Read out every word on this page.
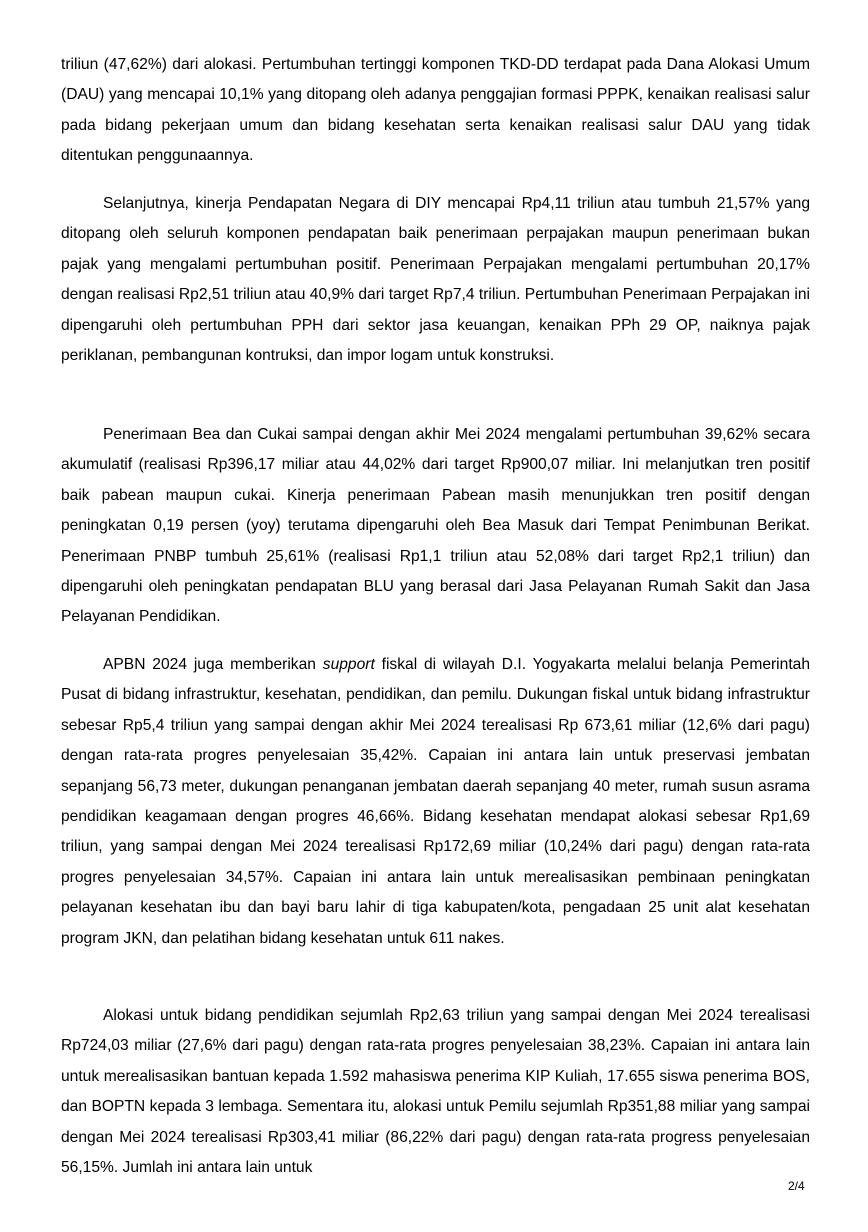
triliun (47,62%) dari alokasi. Pertumbuhan tertinggi komponen TKD-DD terdapat pada Dana Alokasi Umum (DAU) yang mencapai 10,1% yang ditopang oleh adanya penggajian formasi PPPK, kenaikan realisasi salur pada bidang pekerjaan umum dan bidang kesehatan serta kenaikan realisasi salur DAU yang tidak ditentukan penggunaannya.

Selanjutnya, kinerja Pendapatan Negara di DIY mencapai Rp4,11 triliun atau tumbuh 21,57% yang ditopang oleh seluruh komponen pendapatan baik penerimaan perpajakan maupun penerimaan bukan pajak yang mengalami pertumbuhan positif. Penerimaan Perpajakan mengalami pertumbuhan 20,17% dengan realisasi Rp2,51 triliun atau 40,9% dari target Rp7,4 triliun. Pertumbuhan Penerimaan Perpajakan ini dipengaruhi oleh pertumbuhan PPH dari sektor jasa keuangan, kenaikan PPh 29 OP, naiknya pajak periklanan, pembangunan kontruksi, dan impor logam untuk konstruksi.

Penerimaan Bea dan Cukai sampai dengan akhir Mei 2024 mengalami pertumbuhan 39,62% secara akumulatif (realisasi Rp396,17 miliar atau 44,02% dari target Rp900,07 miliar. Ini melanjutkan tren positif baik pabean maupun cukai. Kinerja penerimaan Pabean masih menunjukkan tren positif dengan peningkatan 0,19 persen (yoy) terutama dipengaruhi oleh Bea Masuk dari Tempat Penimbunan Berikat. Penerimaan PNBP tumbuh 25,61% (realisasi Rp1,1 triliun atau 52,08% dari target Rp2,1 triliun) dan dipengaruhi oleh peningkatan pendapatan BLU yang berasal dari Jasa Pelayanan Rumah Sakit dan Jasa Pelayanan Pendidikan.

APBN 2024 juga memberikan support fiskal di wilayah D.I. Yogyakarta melalui belanja Pemerintah Pusat di bidang infrastruktur, kesehatan, pendidikan, dan pemilu. Dukungan fiskal untuk bidang infrastruktur sebesar Rp5,4 triliun yang sampai dengan akhir Mei 2024 terealisasi Rp 673,61 miliar (12,6% dari pagu) dengan rata-rata progres penyelesaian 35,42%. Capaian ini antara lain untuk preservasi jembatan sepanjang 56,73 meter, dukungan penanganan jembatan daerah sepanjang 40 meter, rumah susun asrama pendidikan keagamaan dengan progres 46,66%. Bidang kesehatan mendapat alokasi sebesar Rp1,69 triliun, yang sampai dengan Mei 2024 terealisasi Rp172,69 miliar (10,24% dari pagu) dengan rata-rata progres penyelesaian 34,57%. Capaian ini antara lain untuk merealisasikan pembinaan peningkatan pelayanan kesehatan ibu dan bayi baru lahir di tiga kabupaten/kota, pengadaan 25 unit alat kesehatan program JKN, dan pelatihan bidang kesehatan untuk 611 nakes.

Alokasi untuk bidang pendidikan sejumlah Rp2,63 triliun yang sampai dengan Mei 2024 terealisasi Rp724,03 miliar (27,6% dari pagu) dengan rata-rata progres penyelesaian 38,23%. Capaian ini antara lain untuk merealisasikan bantuan kepada 1.592 mahasiswa penerima KIP Kuliah, 17.655 siswa penerima BOS, dan BOPTN kepada 3 lembaga. Sementara itu, alokasi untuk Pemilu sejumlah Rp351,88 miliar yang sampai dengan Mei 2024 terealisasi Rp303,41 miliar (86,22% dari pagu) dengan rata-rata progress penyelesaian 56,15%. Jumlah ini antara lain untuk

2/4
